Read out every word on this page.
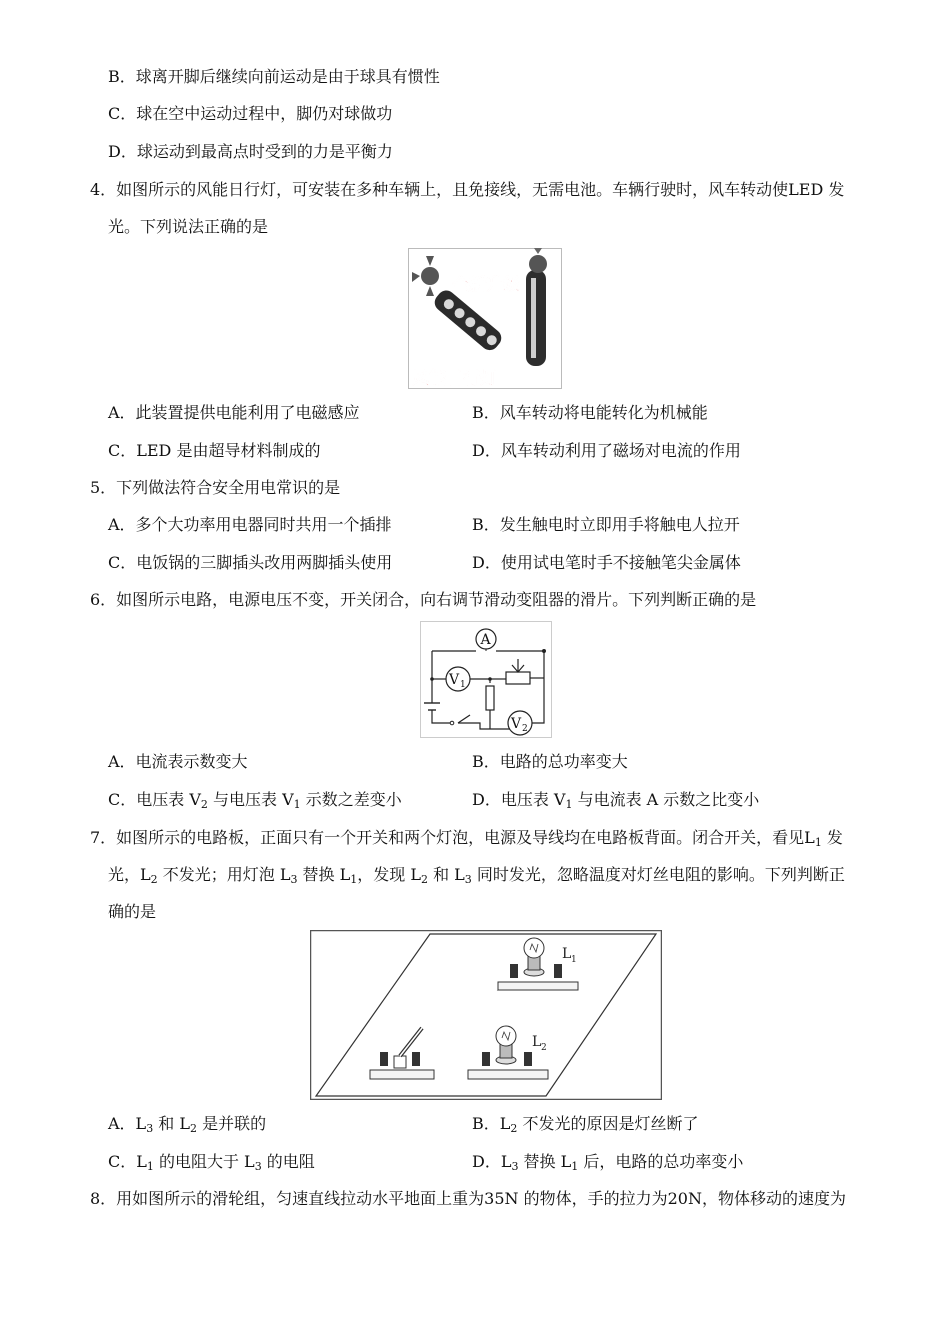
B．球离开脚后继续向前运动是由于球具有惯性
C．球在空中运动过程中，脚仍对球做功
D．球运动到最高点时受到的力是平衡力
4．如图所示的风能日行灯，可安装在多种车辆上，且免接线，无需电池。车辆行驶时，风车转动使LED 发
光。下列说法正确的是
全新升级
风能日行灯
A．此装置提供电能利用了电磁感应	B．风车转动将电能转化为机械能
C．LED 是由超导材料制成的	D．风车转动利用了磁场对电流的作用
5．下列做法符合安全用电常识的是
A．多个大功率用电器同时共用一个插排	B．发生触电时立即用手将触电人拉开
C．电饭锅的三脚插头改用两脚插头使用	D．使用试电笔时手不接触笔尖金属体
6．如图所示电路，电源电压不变，开关闭合，向右调节滑动变阻器的滑片。下列判断正确的是
A
V 1
V 2
A．电流表示数变大	B．电路的总功率变大
C．电压表 $V_2$ 与电压表 $V_1$ 示数之差变小	D．电压表 $V_1$ 与电流表 A 示数之比变小
7．如图所示的电路板，正面只有一个开关和两个灯泡，电源及导线均在电路板背面。闭合开关，看见$L_1$ 发
光，$L_2$ 不发光；用灯泡 $L_3$ 替换 $L_1$，发现 $L_2$ 和 $L_3$ 同时发光，忽略温度对灯丝电阻的影响。下列判断正
确的是
L 1
L 2
A．$L_3$ 和 $L_2$ 是并联的	B．$L_2$ 不发光的原因是灯丝断了
C．$L_1$ 的电阻大于 $L_3$ 的电阻	D．$L_3$ 替换 $L_1$ 后，电路的总功率变小
8．用如图所示的滑轮组，匀速直线拉动水平地面上重为35N 的物体，手的拉力为20N，物体移动的速度为
